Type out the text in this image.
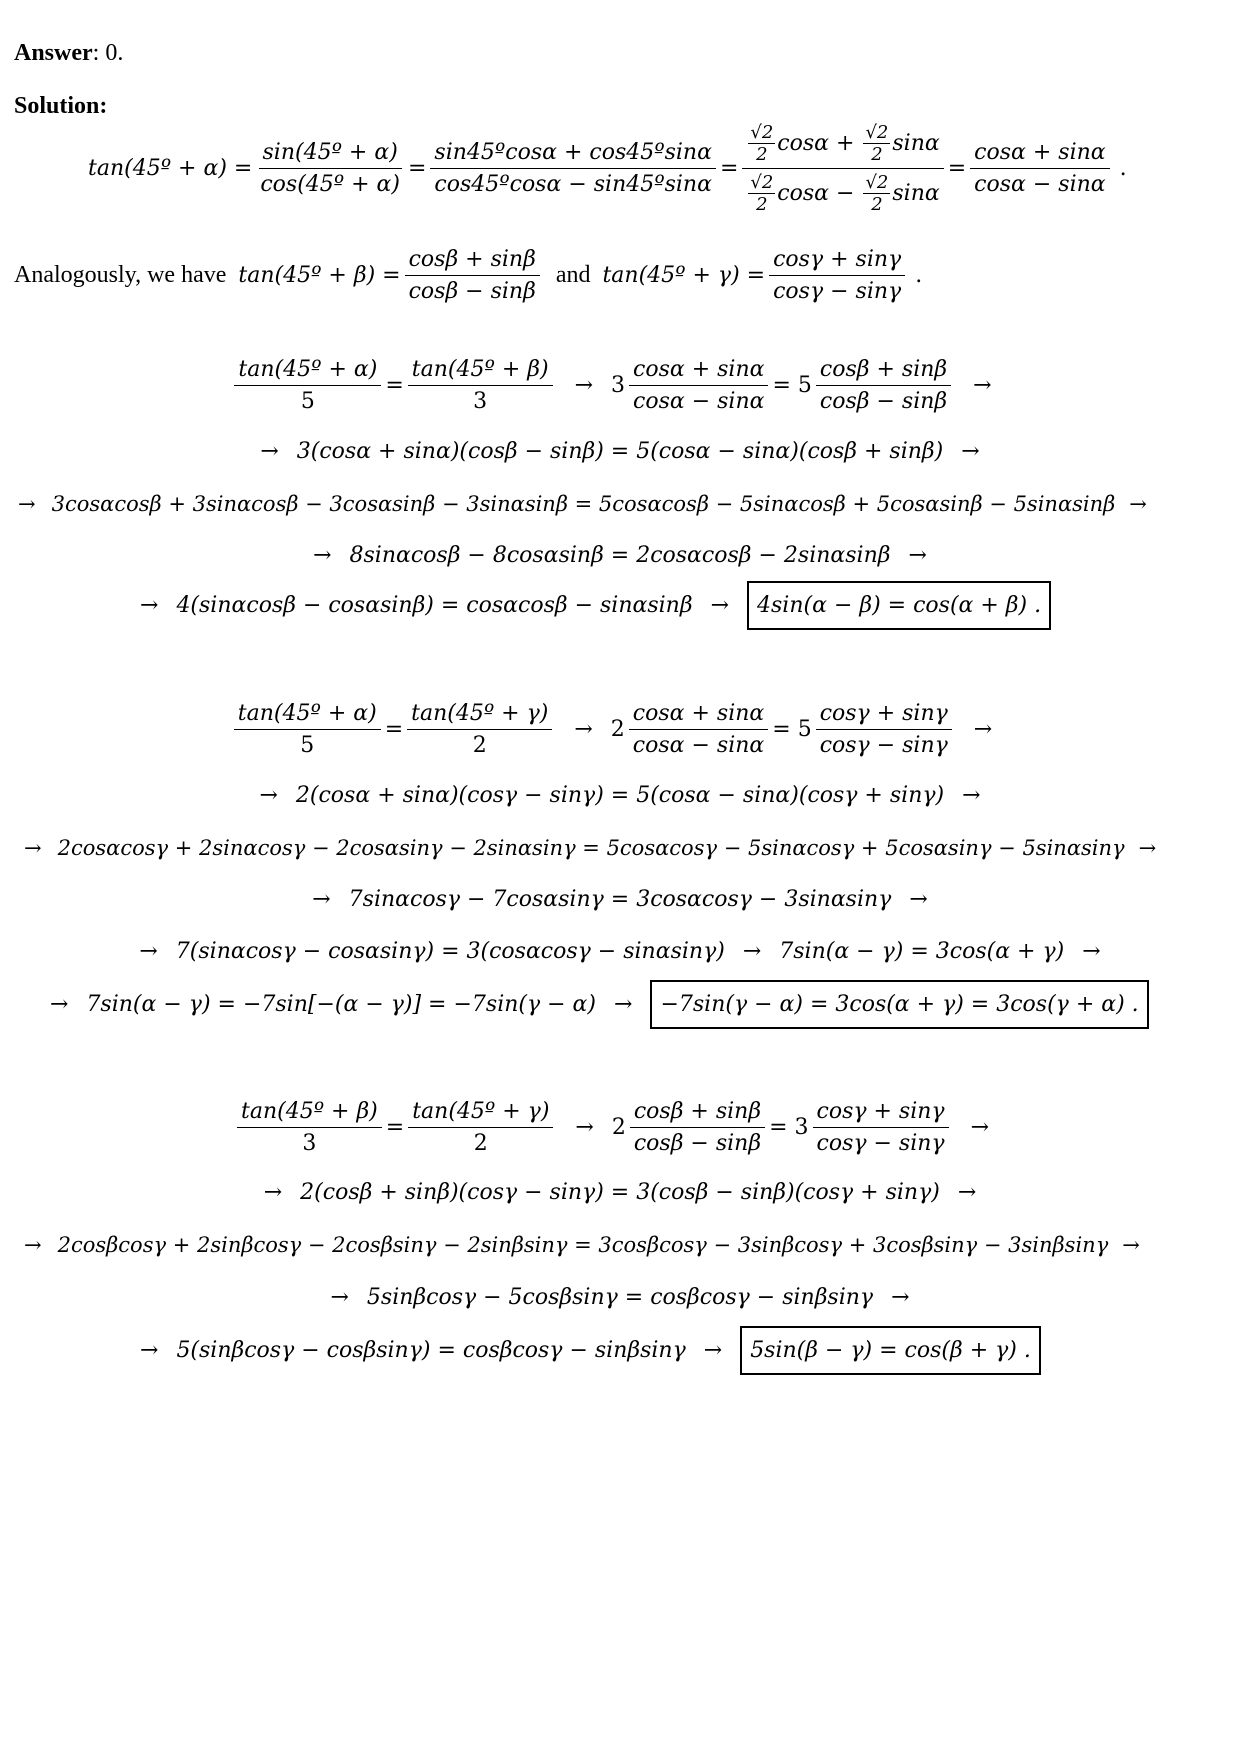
Answer: 0.
Solution:
tan(45º + $\alpha) = \frac{\text{sin(45º + α)}}{\text{cos(45º + α)}} = \frac{\text{sin45ºcosα + cos45ºsinα}}{\text{cos45ºcosα − sin45ºsinα}} = \frac{√2}{2}$ cosα
+
$\frac{√2}{2}$ sinα
$\frac{√2}{2}$ cosα
−
$\frac{√2}{2}$ $\sin\alpha = \frac{\cos\alpha + \sin\alpha}{\cos\alpha - \sin\alpha}$ .
Analogously, we have tan(45º + $\beta) = \frac{\cos\beta + \sin\beta}{\cos\beta - \sin\beta}$ and tan(45º + $\gamma) = \frac{\cos\gamma + \sin\gamma}{\cos\gamma - \sin\gamma}$ .
$\frac{\text{tan(45º + α)}}{5} = \frac{\text{tan(45º + β)}}{3} \to 3 \frac{\cos\alpha + \sin\alpha}{\cos\alpha - \sin\alpha} = 5 \frac{\cos\beta + \sin\beta}{\cos\beta - \sin\beta}$ →
→ 3(cosα + sinα)(cosβ − sinβ) = 5(cosα − sinα)(cosβ + sinβ) →
→ 3cosαcosβ + 3sinαcosβ − 3cosαsinβ − 3sinαsinβ = 5cosαcosβ − 5sinαcosβ + 5cosαsinβ − 5sinαsinβ →
→ 8sinαcosβ − 8cosαsinβ = 2cosαcosβ − 2sinαsinβ →
→ 4(sinαcosβ − cosαsinβ) = cosαcosβ − sinαsinβ →	4sin(α − β) = cos(α + β) .
$\frac{\text{tan(45º + α)}}{5} = \frac{\text{tan(45º + γ)}}{2} \to 2 \frac{\cos\alpha + \sin\alpha}{\cos\alpha - \sin\alpha} = 5 \frac{\cos\gamma + \sin\gamma}{\cos\gamma - \sin\gamma}$ →
→ 2(cosα + sinα)(cosγ − sinγ) = 5(cosα − sinα)(cosγ + sinγ) →
→ 2cosαcosγ + 2sinαcosγ − 2cosαsinγ − 2sinαsinγ = 5cosαcosγ − 5sinαcosγ + 5cosαsinγ − 5sinαsinγ →
→ 7sinαcosγ − 7cosαsinγ = 3cosαcosγ − 3sinαsinγ →
→ 7(sinαcosγ − cosαsinγ) = 3(cosαcosγ − sinαsinγ) → 7sin(α − γ) = 3cos(α + γ) →
→ 7sin(α − γ) = −7sin[−(α − γ)] = −7sin(γ − α) →	−7sin(γ − α) = 3cos(α + γ) = 3cos(γ + α) .
$\frac{\text{tan(45º + β)}}{3} = \frac{\text{tan(45º + γ)}}{2} \to 2 \frac{\cos\beta + \sin\beta}{\cos\beta - \sin\beta} = 3 \frac{\cos\gamma + \sin\gamma}{\cos\gamma - \sin\gamma}$ →
→ 2(cosβ + sinβ)(cosγ − sinγ) = 3(cosβ − sinβ)(cosγ + sinγ) →
→ 2cosβcosγ + 2sinβcosγ − 2cosβsinγ − 2sinβsinγ = 3cosβcosγ − 3sinβcosγ + 3cosβsinγ − 3sinβsinγ →
→ 5sinβcosγ − 5cosβsinγ = cosβcosγ − sinβsinγ →
→ 5(sinβcosγ − cosβsinγ) = cosβcosγ − sinβsinγ →	5sin(β − γ) = cos(β + γ) .
